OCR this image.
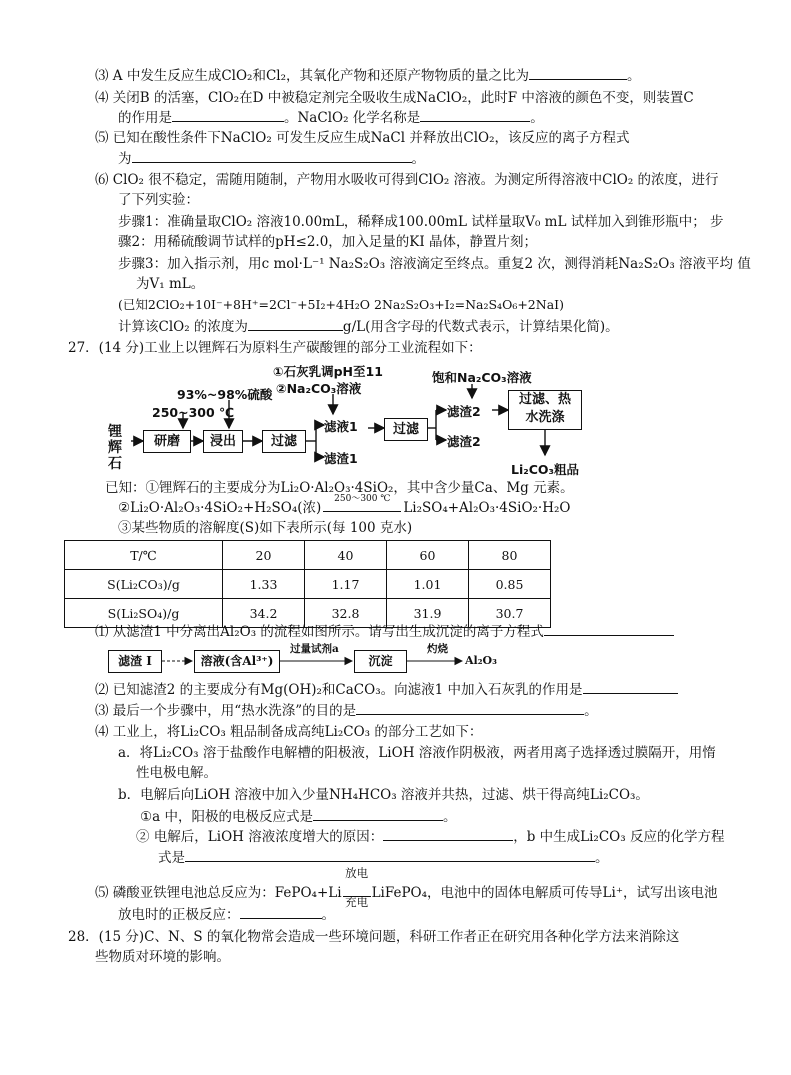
⑶ A 中发生反应生成ClO₂和Cl₂，其氧化产物和还原产物物质的量之比为	。
⑷ 关闭B 的活塞，ClO₂在D 中被稳定剂完全吸收生成NaClO₂，此时F 中溶液的颜色不变，则装置C
的作用是	。NaClO₂ 化学名称是	。
⑸ 已知在酸性条件下NaClO₂ 可发生反应生成NaCl 并释放出ClO₂，该反应的离子方程式
为	。
⑹ ClO₂ 很不稳定，需随用随制，产物用水吸收可得到ClO₂ 溶液。为测定所得溶液中ClO₂ 的浓度，进行
了下列实验：
步骤1：准确量取ClO₂ 溶液10.00mL，稀释成100.00mL 试样量取V₀ mL 试样加入到锥形瓶中； 步
骤2：用稀硫酸调节试样的pH≤2.0，加入足量的KI 晶体，静置片刻；
步骤3：加入指示剂，用c mol·L⁻¹ Na₂S₂O₃ 溶液滴定至终点。重复2 次，测得消耗Na₂S₂O₃ 溶液平均 值
为V₁ mL。
(已知2ClO₂+10I⁻+8H⁺=2Cl⁻+5I₂+4H₂O 2Na₂S₂O₃+I₂=Na₂S₄O₆+2NaI)
计算该ClO₂ 的浓度为	g/L(用含字母的代数式表示，计算结果化简)。
27．(14 分)工业上以锂辉石为原料生产碳酸锂的部分工业流程如下：
①石灰乳调pH至11
②Na₂CO₃溶液
饱和Na₂CO₃溶液
93%~98%硫酸
250~300 ℃
锂
辉
石
研磨	浸出	过滤
滤液1
滤渣1
过滤
滤渣2
滤渣2
过滤、热
水洗涤
Li₂CO₃粗品
已知：①锂辉石的主要成分为Li₂O·Al₂O₃·4SiO₂，其中含少量Ca、Mg 元素。
②Li₂O·Al₂O₃·4SiO₂+H₂SO₄(浓)
250～300 ℃
Li₂SO₄+Al₂O₃·4SiO₂·H₂O
③某些物质的溶解度(S)如下表所示(每 100 克水)
T/℃	20	40	60	80
S(Li₂CO₃)/g	1.33	1.17	1.01	0.85
S(Li₂SO₄)/g	34.2	32.8	31.9	30.7
⑴ 从滤渣1 中分离出Al₂O₃ 的流程如图所示。请写出生成沉淀的离子方程式
滤渣 I	溶液(含Al³⁺)
过量试剂a
沉淀
灼烧
Al₂O₃
⑵ 已知滤渣2 的主要成分有Mg(OH)₂和CaCO₃。向滤液1 中加入石灰乳的作用是
⑶ 最后一个步骤中，用“热水洗涤”的目的是	。
⑷ 工业上，将Li₂CO₃ 粗品制备成高纯Li₂CO₃ 的部分工艺如下：
a．将Li₂CO₃ 溶于盐酸作电解槽的阳极液，LiOH 溶液作阴极液，两者用离子选择透过膜隔开，用惰
性电极电解。
b．电解后向LiOH 溶液中加入少量NH₄HCO₃ 溶液并共热，过滤、烘干得高纯Li₂CO₃。
①a 中，阳极的电极反应式是	。
② 电解后，LiOH 溶液浓度增大的原因：	，b 中生成Li₂CO₃ 反应的化学方程
式是	。
⑸ 磷酸亚铁锂电池总反应为：FePO₄+Li
放电
充电
LiFePO₄，电池中的固体电解质可传导Li⁺，试写出该电池
放电时的正极反应：	。
28．(15 分)C、N、S 的氧化物常会造成一些环境问题，科研工作者正在研究用各种化学方法来消除这
些物质对环境的影响。
